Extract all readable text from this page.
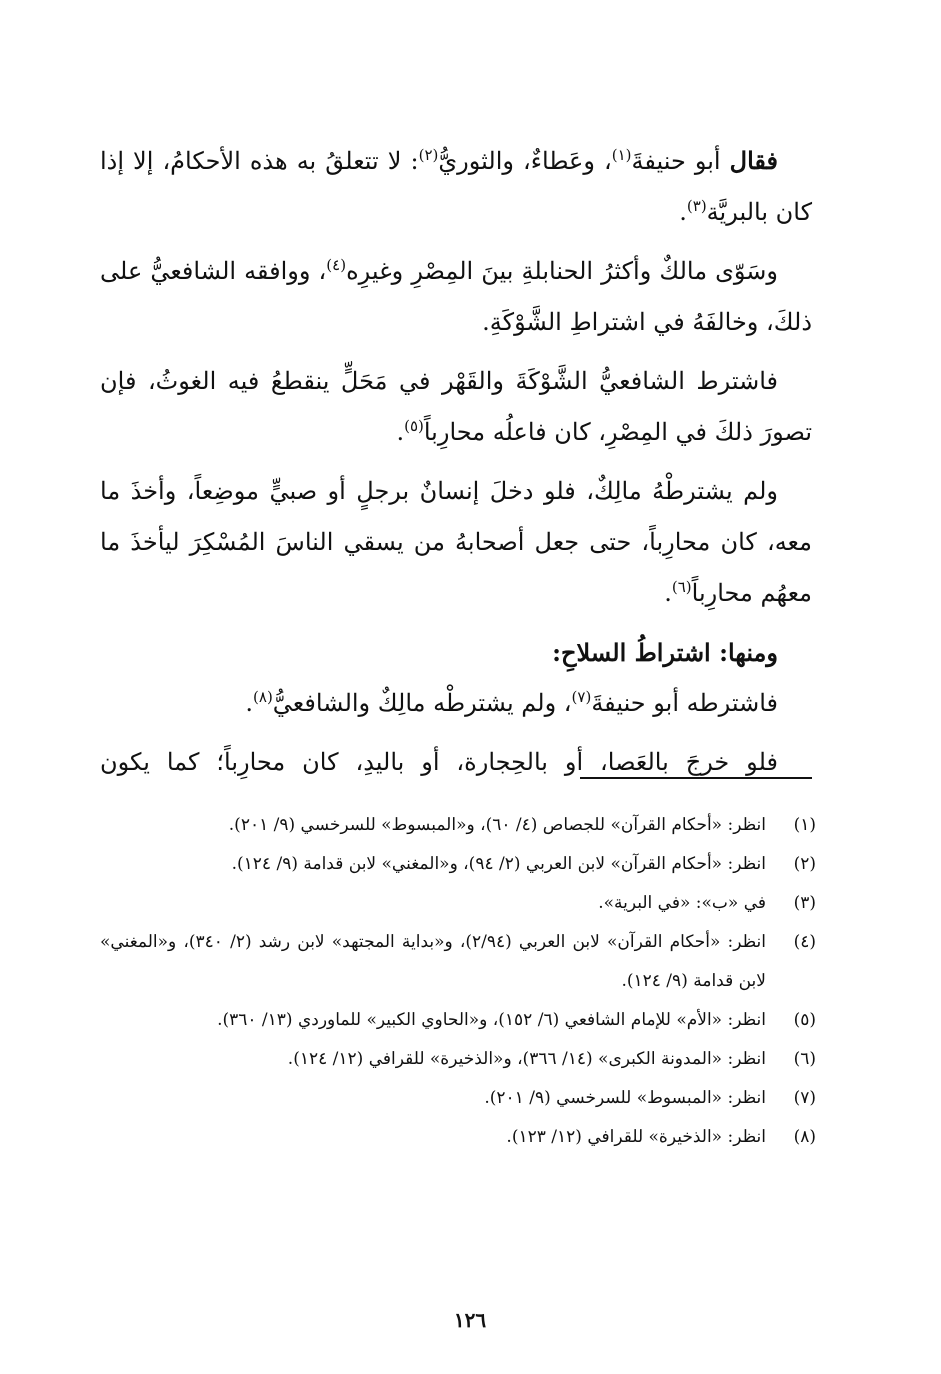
فقال أبو حنيفةَ$^{(١)}$، وعَطاءٌ، والثوريُّ$^{(٢)}$: لا تتعلقُ به هذه الأحكامُ، إلا إذا كان بالبريَّة$^{(٣)}$.

وسَوّى مالكٌ وأكثرُ الحنابلةِ بينَ المِصْرِ وغيرِه$^{(٤)}$، ووافقه الشافعيُّ على ذلكَ، وخالفَهُ في اشتراطِ الشَّوْكَةِ.

فاشترط الشافعيُّ الشَّوْكَةَ والقَهْر في مَحَلٍّ ينقطعُ فيه الغوثُ، فإن تصورَ ذلكَ في المِصْرِ، كان فاعلُه محارِباً$^{(٥)}$.

ولم يشترطْهُ مالِكٌ، فلو دخلَ إنسانٌ برجلٍ أو صبيٍّ موضِعاً، وأخذَ ما معه، كان محارِباً، حتى جعل أصحابهُ من يسقي الناسَ المُسْكِرَ ليأخذَ ما معهُم محارِباً$^{(٦)}$.

ومنها: اشتراطُ السلاحِ:

فاشترطه أبو حنيفةَ$^{(٧)}$، ولم يشترطْه مالِكٌ والشافعيُّ$^{(٨)}$.

فلو خرجَ بالعَصا، أو بالحِجارة، أو باليدِ، كان محارِباً؛ كما يكون

(١)
انظر: «أحكام القرآن» للجصاص (٤/ ٦٠)، و«المبسوط» للسرخسي (٩/ ٢٠١).
(٢)
انظر: «أحكام القرآن» لابن العربي (٢/ ٩٤)، و«المغني» لابن قدامة (٩/ ١٢٤).
(٣)
في «ب»: «في البرية».
(٤)
انظر: «أحكام القرآن» لابن العربي (٢/٩٤)، و«بداية المجتهد» لابن رشد (٢/ ٣٤٠)، و«المغني» لابن قدامة (٩/ ١٢٤).
(٥)
انظر: «الأم» للإمام الشافعي (٦/ ١٥٢)، و«الحاوي الكبير» للماوردي (١٣/ ٣٦٠).
(٦)
انظر: «المدونة الكبرى» (١٤/ ٣٦٦)، و«الذخيرة» للقرافي (١٢/ ١٢٤).
(٧)
انظر: «المبسوط» للسرخسي (٩/ ٢٠١).
(٨)
انظر: «الذخيرة» للقرافي (١٢/ ١٢٣).
١٢٦
